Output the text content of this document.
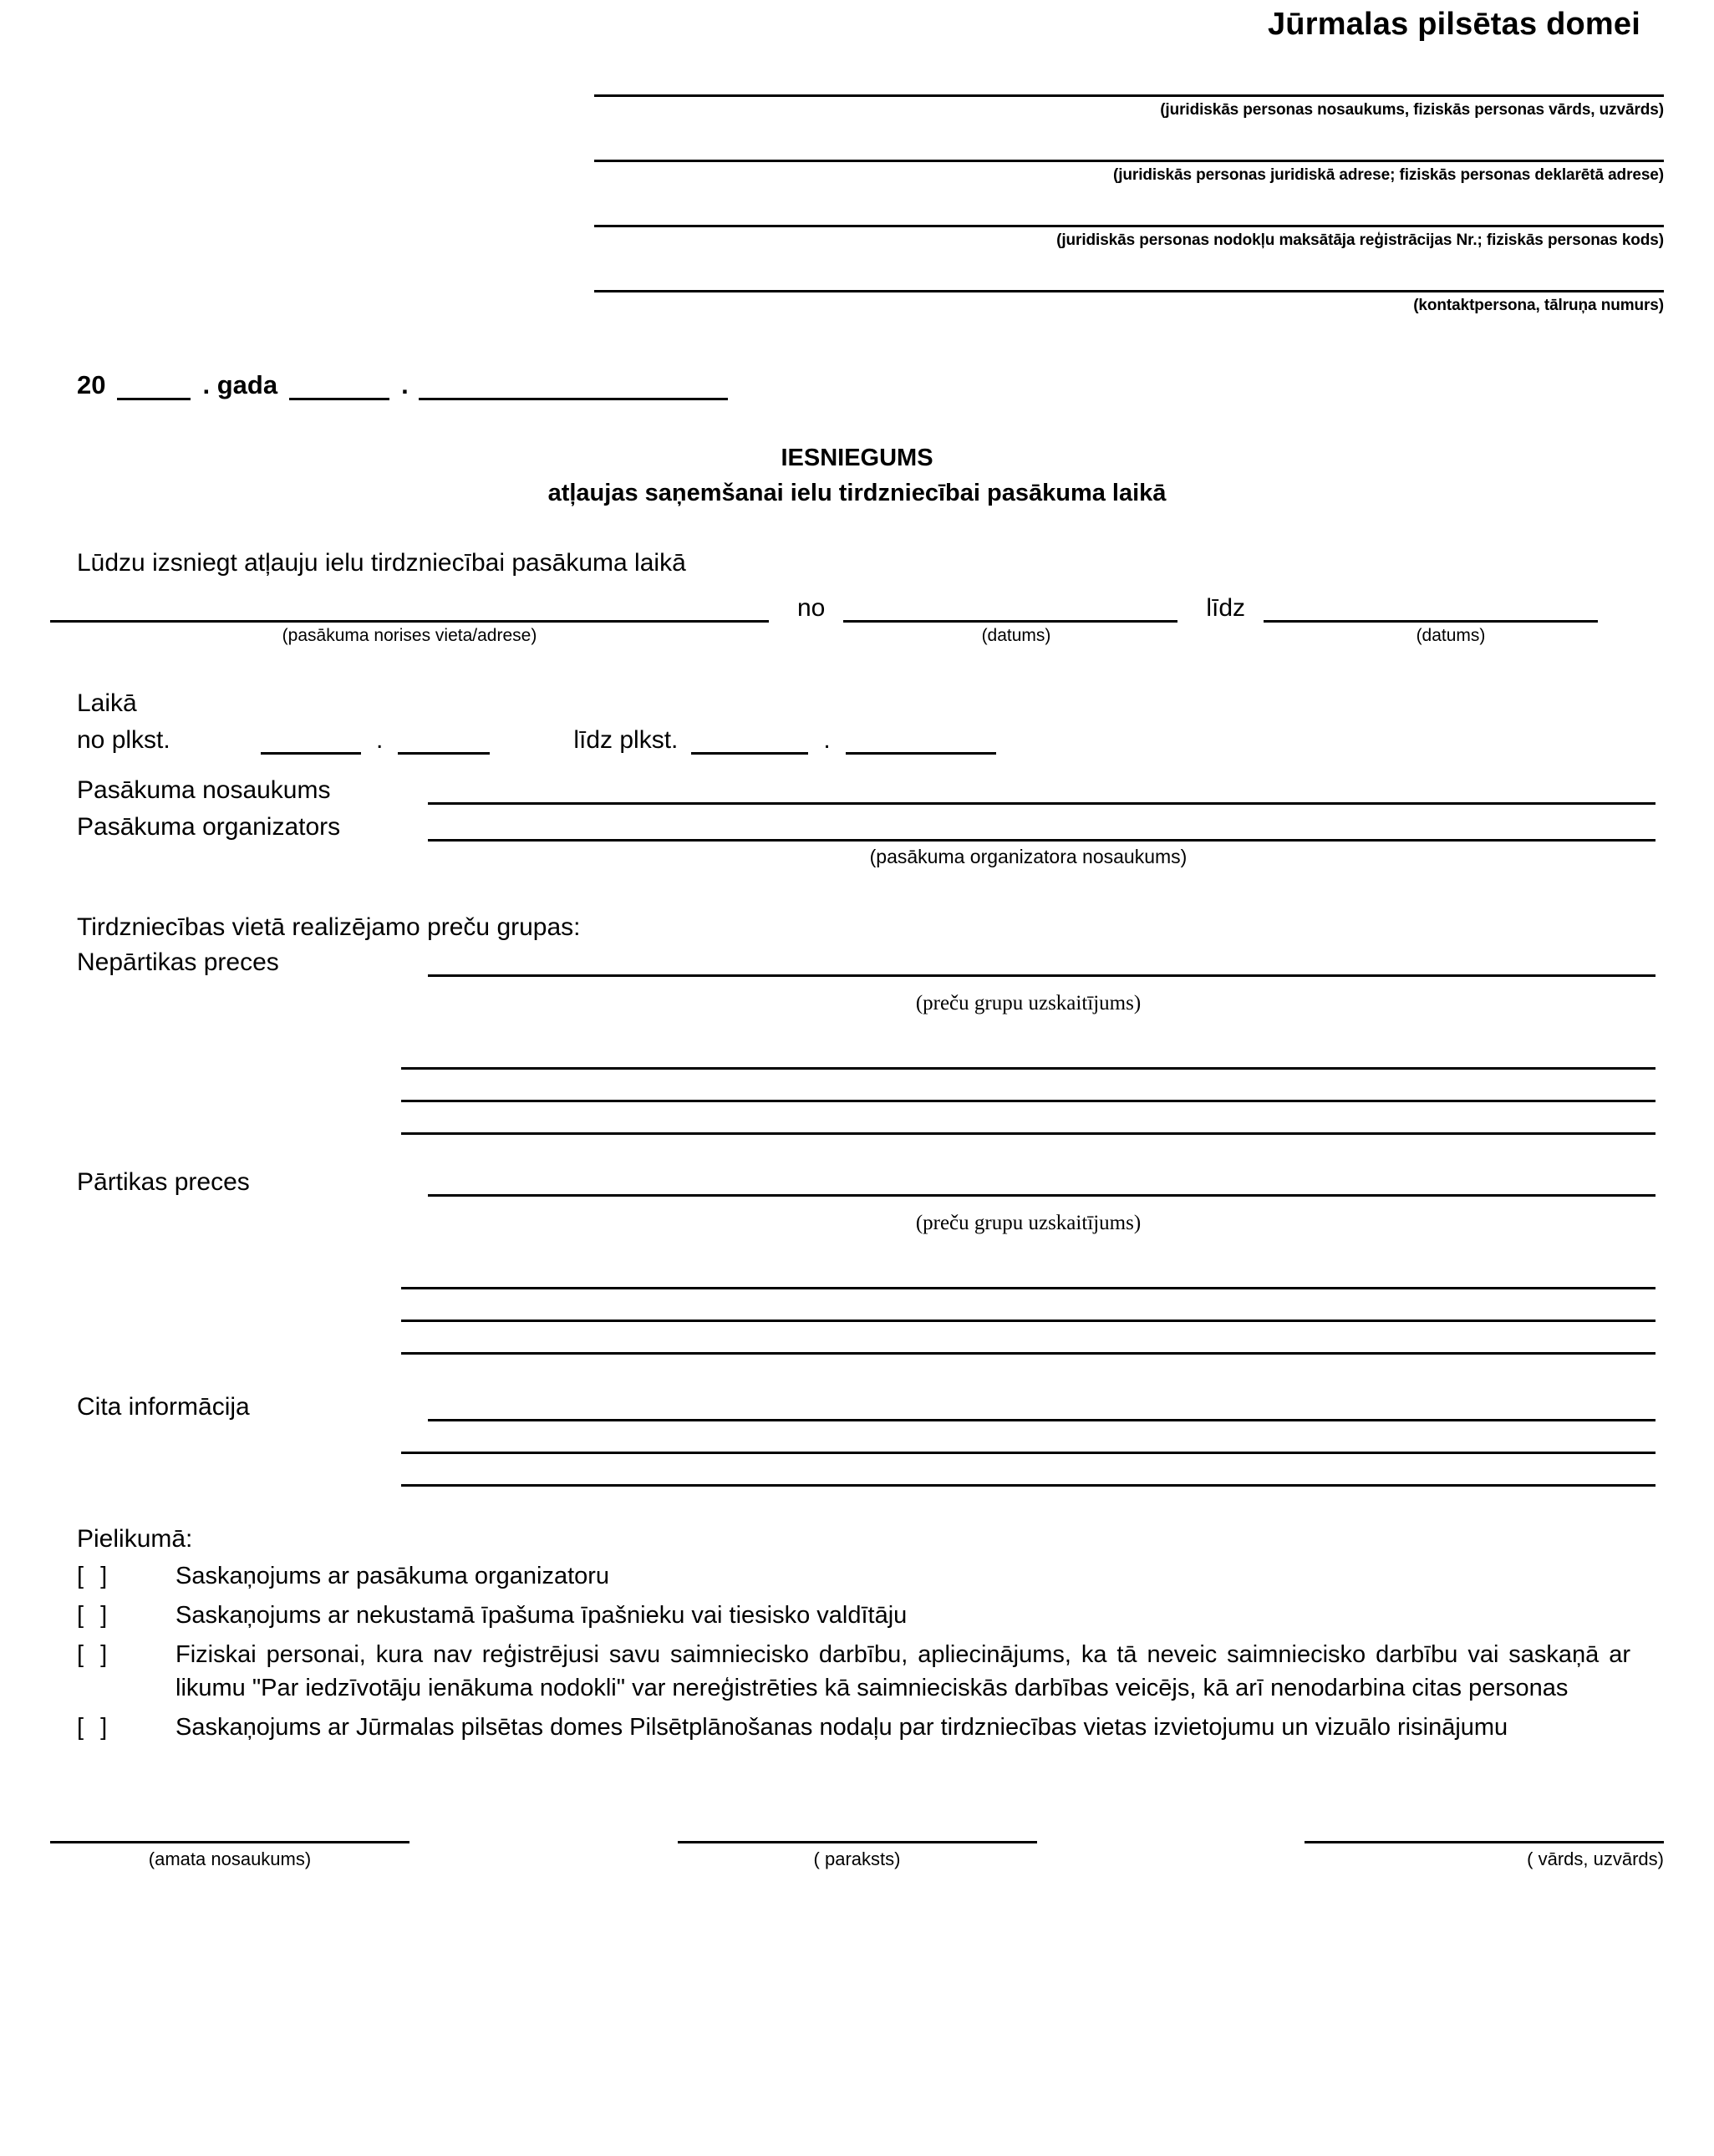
Jūrmalas pilsētas domei
(juridiskās personas nosaukums, fiziskās personas vārds, uzvārds)
(juridiskās personas juridiskā adrese; fiziskās personas deklarētā adrese)
(juridiskās personas nodokļu maksātāja reģistrācijas Nr.; fiziskās personas kods)
(kontaktpersona, tālruņa numurs)
20	. gada	.
IESNIEGUMS
atļaujas saņemšanai ielu tirdzniecībai pasākuma laikā
Lūdzu izsniegt atļauju ielu tirdzniecībai pasākuma laikā
no	līdz
(pasākuma norises vieta/adrese)	(datums)	(datums)
Laikā
no plkst.	.	līdz plkst.	.
Pasākuma nosaukums
Pasākuma organizators
(pasākuma organizatora nosaukums)
Tirdzniecības vietā realizējamo preču grupas:
Nepārtikas preces
(preču grupu uzskaitījums)
Pārtikas preces
(preču grupu uzskaitījums)
Cita informācija
Pielikumā:
[ ]	Saskaņojums ar pasākuma organizatoru
[ ]	Saskaņojums ar nekustamā īpašuma īpašnieku vai tiesisko valdītāju
[ ]	Fiziskai personai, kura nav reģistrējusi savu saimniecisko darbību, apliecinājums, ka tā neveic saimniecisko darbību vai saskaņā ar likumu "Par iedzīvotāju ienākuma nodokli" var nereģistrēties kā saimnieciskās darbības veicējs, kā arī nenodarbina citas personas
[ ]	Saskaņojums ar Jūrmalas pilsētas domes Pilsētplānošanas nodaļu par tirdzniecības vietas izvietojumu un vizuālo risinājumu
(amata nosaukums)	( paraksts)	( vārds, uzvārds)
